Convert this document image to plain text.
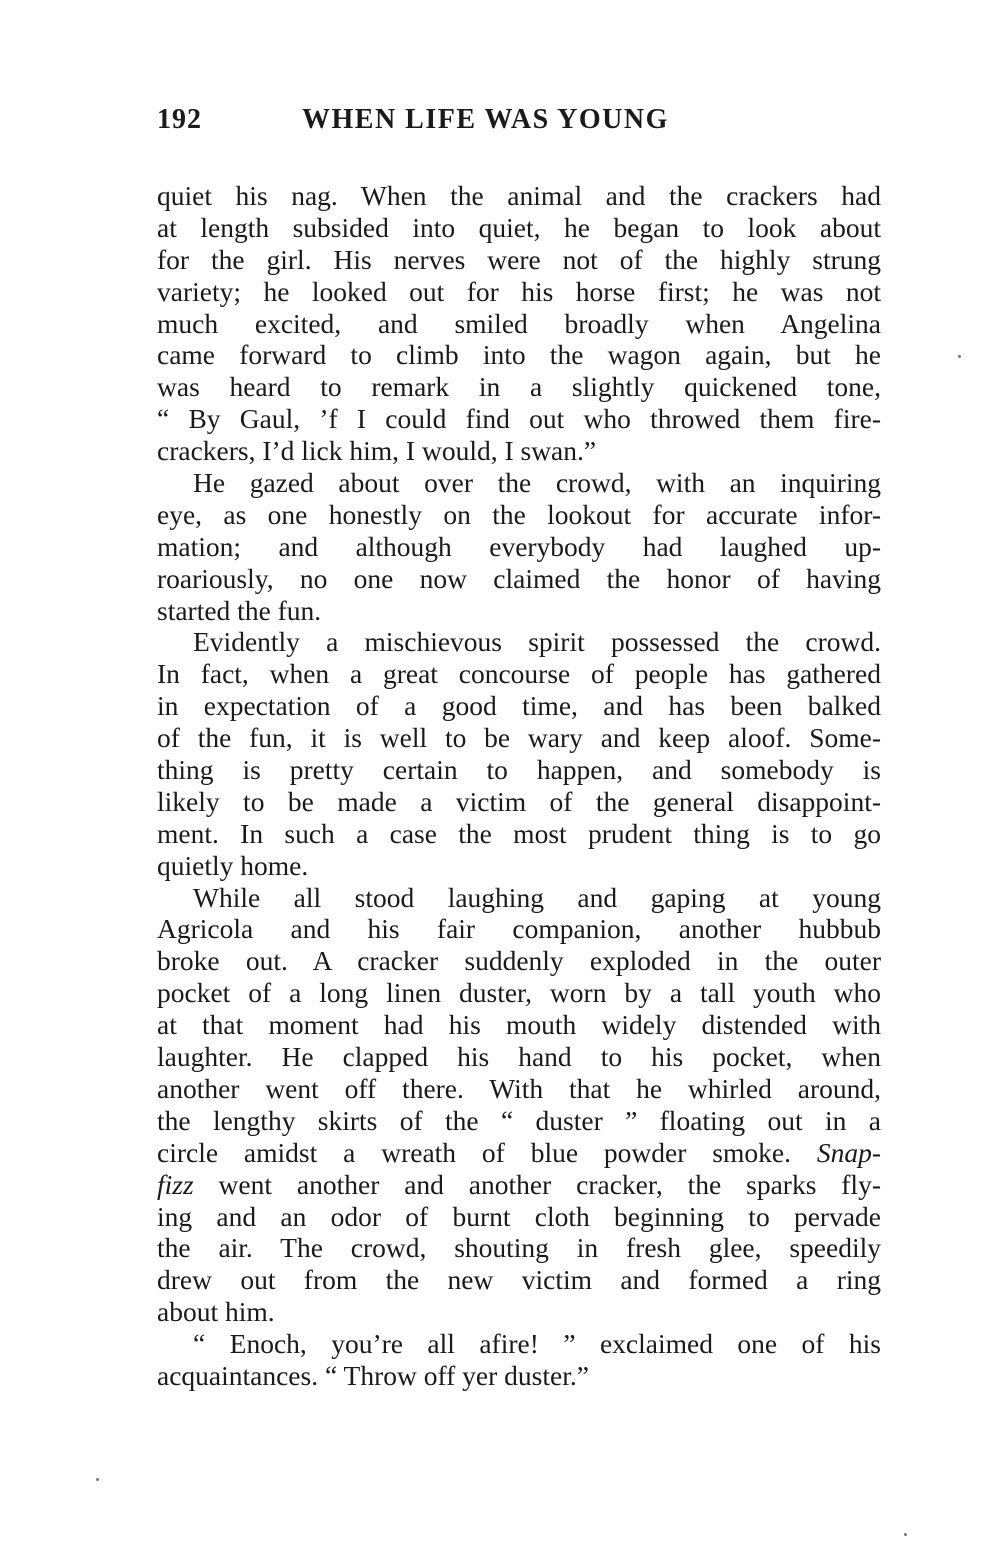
192	WHEN LIFE WAS YOUNG
quiet his nag. When the animal and the crackers had
at length subsided into quiet, he began to look about
for the girl. His nerves were not of the highly strung
variety; he looked out for his horse first; he was not
much excited, and smiled broadly when Angelina
came forward to climb into the wagon again, but he
was heard to remark in a slightly quickened tone,
“ By Gaul, ’f I could find out who throwed them fire-
crackers, I’d lick him, I would, I swan.”
He gazed about over the crowd, with an inquiring
eye, as one honestly on the lookout for accurate infor-
mation; and although everybody had laughed up-
roariously, no one now claimed the honor of having
started the fun.
Evidently a mischievous spirit possessed the crowd.
In fact, when a great concourse of people has gathered
in expectation of a good time, and has been balked
of the fun, it is well to be wary and keep aloof. Some-
thing is pretty certain to happen, and somebody is
likely to be made a victim of the general disappoint-
ment. In such a case the most prudent thing is to go
quietly home.
While all stood laughing and gaping at young
Agricola and his fair companion, another hubbub
broke out. A cracker suddenly exploded in the outer
pocket of a long linen duster, worn by a tall youth who
at that moment had his mouth widely distended with
laughter. He clapped his hand to his pocket, when
another went off there. With that he whirled around,
the lengthy skirts of the “ duster ” floating out in a
circle amidst a wreath of blue powder smoke. Snap-
fizz went another and another cracker, the sparks fly-
ing and an odor of burnt cloth beginning to pervade
the air. The crowd, shouting in fresh glee, speedily
drew out from the new victim and formed a ring
about him.
“ Enoch, you’re all afire! ” exclaimed one of his
acquaintances. “ Throw off yer duster.”
